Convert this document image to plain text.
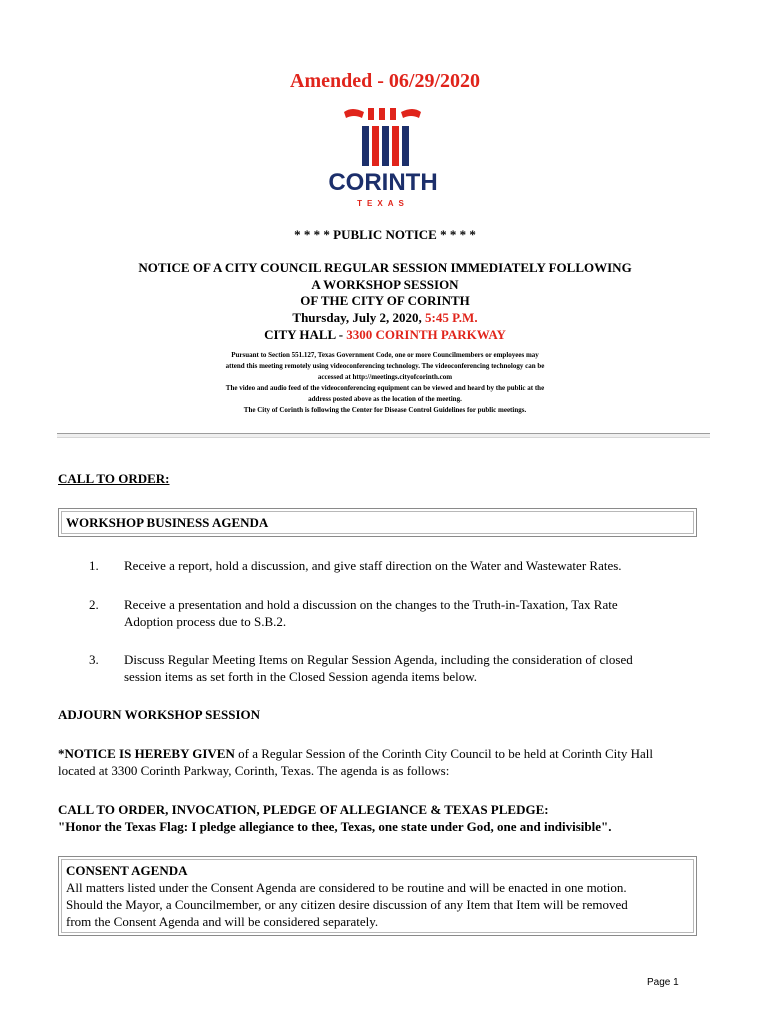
Amended - 06/29/2020
CORINTH
TEXAS
* * * * PUBLIC NOTICE * * * *
NOTICE OF A CITY COUNCIL REGULAR SESSION IMMEDIATELY FOLLOWING
A WORKSHOP SESSION
OF THE CITY OF CORINTH
Thursday, July 2, 2020, 5:45 P.M.
CITY HALL - 3300 CORINTH PARKWAY
Pursuant to Section 551.127, Texas Government Code, one or more Councilmembers or employees may
attend this meeting remotely using videoconferencing technology. The videoconferencing technology can be
accessed at http://meetings.cityofcorinth.com
The video and audio feed of the videoconferencing equipment can be viewed and heard by the public at the
address posted above as the location of the meeting.
The City of Corinth is following the Center for Disease Control Guidelines for public meetings.
CALL TO ORDER:
WORKSHOP BUSINESS AGENDA
1. Receive a report, hold a discussion, and give staff direction on the Water and Wastewater Rates.
2. Receive a presentation and hold a discussion on the changes to the Truth-in-Taxation, Tax Rate
Adoption process due to S.B.2.
3. Discuss Regular Meeting Items on Regular Session Agenda, including the consideration of closed
session items as set forth in the Closed Session agenda items below.
ADJOURN WORKSHOP SESSION
*NOTICE IS HEREBY GIVEN of a Regular Session of the Corinth City Council to be held at Corinth City Hall
located at 3300 Corinth Parkway, Corinth, Texas. The agenda is as follows:
CALL TO ORDER, INVOCATION, PLEDGE OF ALLEGIANCE & TEXAS PLEDGE:
"Honor the Texas Flag: I pledge allegiance to thee, Texas, one state under God, one and indivisible".
CONSENT AGENDA
All matters listed under the Consent Agenda are considered to be routine and will be enacted in one motion.
Should the Mayor, a Councilmember, or any citizen desire discussion of any Item that Item will be removed
from the Consent Agenda and will be considered separately.
Page 1
